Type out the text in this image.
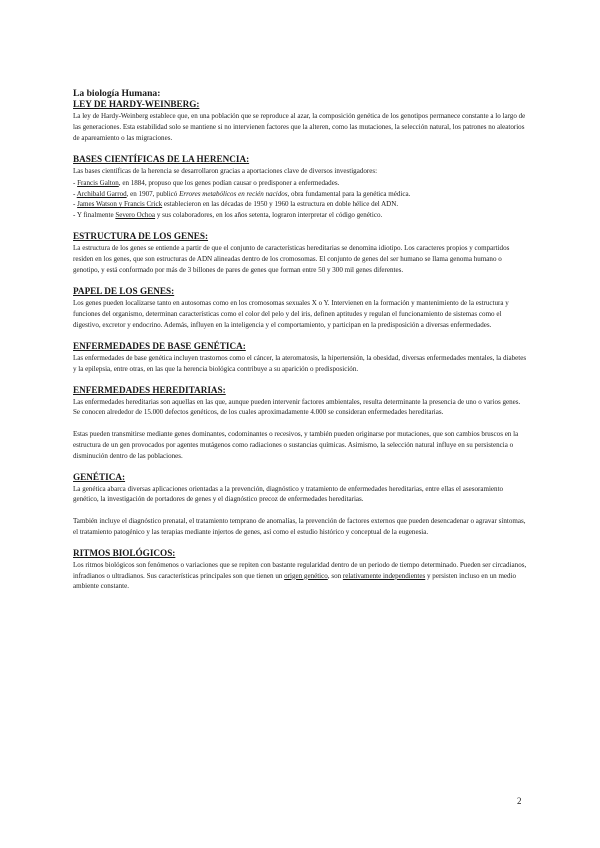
La biología Humana:

LEY DE HARDY-WEINBERG:

La ley de Hardy-Weinberg establece que, en una población que se reproduce al azar, la composición genética de los genotipos permanece constante a lo largo de las generaciones. Esta estabilidad solo se mantiene si no intervienen factores que la alteren, como las mutaciones, la selección natural, los patrones no aleatorios de apareamiento o las migraciones.

BASES CIENTÍFICAS DE LA HERENCIA:

Las bases científicas de la herencia se desarrollaron gracias a aportaciones clave de diversos investigadores:

- Francis Galton, en 1884, propuso que los genes podían causar o predisponer a enfermedades.
- Archibald Garrod, en 1907, publicó Errores metabólicos en recién nacidos, obra fundamental para la genética médica.
- James Watson y Francis Crick establecieron en las décadas de 1950 y 1960 la estructura en doble hélice del ADN.
- Y finalmente Severo Ochoa y sus colaboradores, en los años setenta, lograron interpretar el código genético.

ESTRUCTURA DE LOS GENES:

La estructura de los genes se entiende a partir de que el conjunto de características hereditarias se denomina idiotipo. Los caracteres propios y compartidos residen en los genes, que son estructuras de ADN alineadas dentro de los cromosomas. El conjunto de genes del ser humano se llama genoma humano o genotipo, y está conformado por más de 3 billones de pares de genes que forman entre 50 y 300 mil genes diferentes.

PAPEL DE LOS GENES:

Los genes pueden localizarse tanto en autosomas como en los cromosomas sexuales X o Y. Intervienen en la formación y mantenimiento de la estructura y funciones del organismo, determinan características como el color del pelo y del iris, definen aptitudes y regulan el funcionamiento de sistemas como el digestivo, excretor y endocrino. Además, influyen en la inteligencia y el comportamiento, y participan en la predisposición a diversas enfermedades.

ENFERMEDADES DE BASE GENÉTICA:

Las enfermedades de base genética incluyen trastornos como el cáncer, la ateromatosis, la hipertensión, la obesidad, diversas enfermedades mentales, la diabetes y la epilepsia, entre otras, en las que la herencia biológica contribuye a su aparición o predisposición.

ENFERMEDADES HEREDITARIAS:

Las enfermedades hereditarias son aquellas en las que, aunque pueden intervenir factores ambientales, resulta determinante la presencia de uno o varios genes. Se conocen alrededor de 15.000 defectos genéticos, de los cuales aproximadamente 4.000 se consideran enfermedades hereditarias.

Estas pueden transmitirse mediante genes dominantes, codominantes o recesivos, y también pueden originarse por mutaciones, que son cambios bruscos en la estructura de un gen provocados por agentes mutágenos como radiaciones o sustancias químicas. Asimismo, la selección natural influye en su persistencia o disminución dentro de las poblaciones.

GENÉTICA:

La genética abarca diversas aplicaciones orientadas a la prevención, diagnóstico y tratamiento de enfermedades hereditarias, entre ellas el asesoramiento genético, la investigación de portadores de genes y el diagnóstico precoz de enfermedades hereditarias.

También incluye el diagnóstico prenatal, el tratamiento temprano de anomalías, la prevención de factores externos que pueden desencadenar o agravar síntomas, el tratamiento patogénico y las terapias mediante injertos de genes, así como el estudio histórico y conceptual de la eugenesia.

RITMOS BIOLÓGICOS:

Los ritmos biológicos son fenómenos o variaciones que se repiten con bastante regularidad dentro de un periodo de tiempo determinado. Pueden ser circadianos, infradianos o ultradianos. Sus características principales son que tienen un origen genético, son relativamente independientes y persisten incluso en un medio ambiente constante.

2
